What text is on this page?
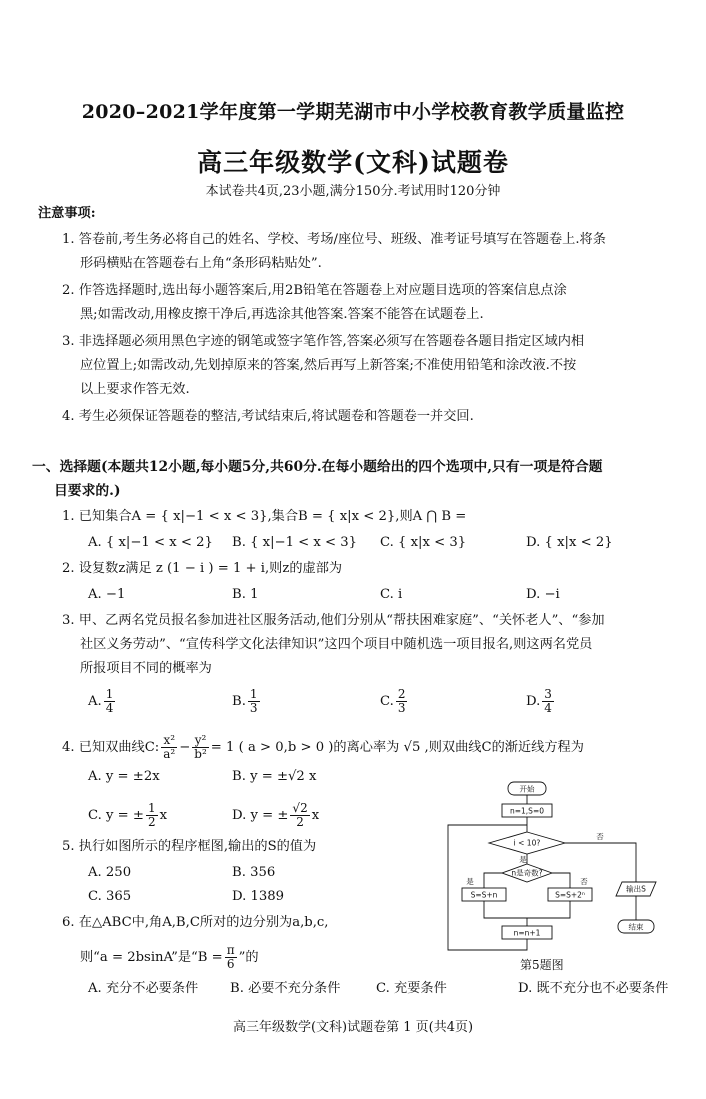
2020–2021学年度第一学期芜湖市中小学校教育教学质量监控
高三年级数学(文科)试题卷
本试卷共4页,23小题,满分150分.考试用时120分钟
注意事项:
1. 答卷前,考生务必将自己的姓名、学校、考场/座位号、班级、准考证号填写在答题卷上.将条
形码横贴在答题卷右上角“条形码粘贴处”.
2. 作答选择题时,选出每小题答案后,用2B铅笔在答题卷上对应题目选项的答案信息点涂
黑;如需改动,用橡皮擦干净后,再选涂其他答案.答案不能答在试题卷上.
3. 非选择题必须用黑色字迹的钢笔或签字笔作答,答案必须写在答题卷各题目指定区域内相
应位置上;如需改动,先划掉原来的答案,然后再写上新答案;不准使用铅笔和涂改液.不按
以上要求作答无效.
4. 考生必须保证答题卷的整洁,考试结束后,将试题卷和答题卷一并交回.
一、选择题(本题共12小题,每小题5分,共60分.在每小题给出的四个选项中,只有一项是符合题
目要求的.)
1. 已知集合A = { x|−1 < x < 3},集合B = { x|x < 2},则A ⋂ B =
A. { x|−1 < x < 2} B. { x|−1 < x < 3} C. { x|x < 3}	D. { x|x < 2}
2. 设复数z满足 z (1 − i ) = 1 + i,则z的虚部为
A. −1	B. 1	C. i	D. −i
3. 甲、乙两名党员报名参加进社区服务活动,他们分别从“帮扶困难家庭”、“关怀老人”、“参加
社区义务劳动”、“宣传科学文化法律知识”这四个项目中随机选一项目报名,则这两名党员
所报项目不同的概率为
A. $\frac{1}{4}$	B. $\frac{1}{3}$	C. $\frac{2}{3}$	D. $\frac{3}{4}$
4. 已知双曲线C: $\frac{\text{x²}}{\text{a²}} - \frac{\text{y²}}{\text{b²}} = 1$ ( a > 0,b > 0 )的离心率为 √5 ,则双曲线C的渐近线方程为
A. y = ±2x	B. y = ±√2 x
C. y = ± $\frac{1}{2}$ x	D. y = ± $\frac{√2}{2}$ x
5. 执行如图所示的程序框图,输出的S的值为
A. 250	B. 356
C. 365	D. 1389
6. 在△ABC中,角A,B,C所对的边分别为a,b,c,
则“a = 2bsinA”是“$B = \frac{\pi}{6}$ ”的
A. 充分不必要条件 B. 必要不充分条件	C. 充要条件	D. 既不充分也不必要条件
开始
n=1,S=0
i < 10?
是
否
n是奇数?
是	否
S=S+n	S=S+2ⁿ
n=n+1
输出S
结束
第5题图
高三年级数学(文科)试题卷第 1 页(共4页)
